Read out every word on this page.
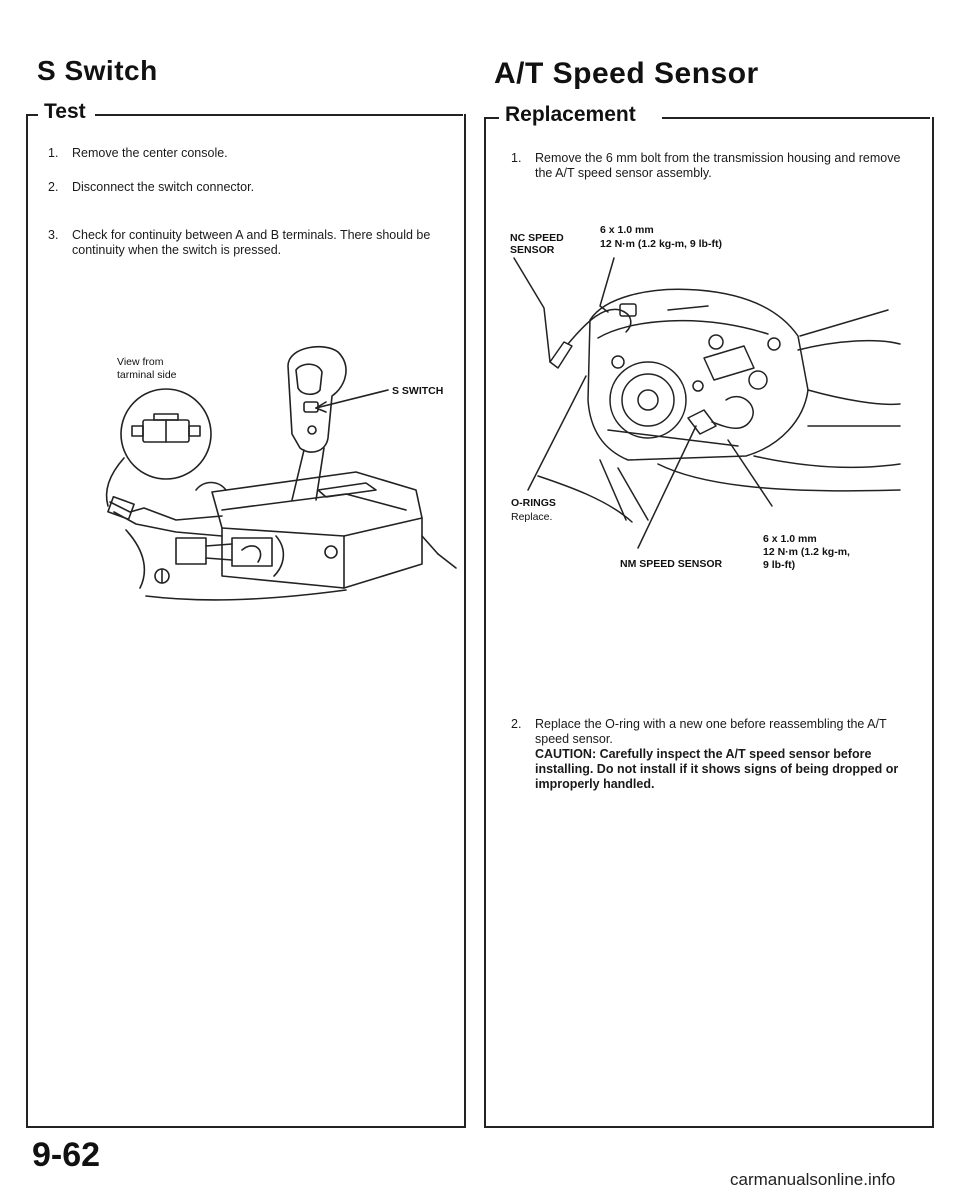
S Switch
Test
1. Remove the center console.
2. Disconnect the switch connector.
3. Check for continuity between A and B terminals. There should be continuity when the switch is pressed.
View from
tarminal side
S SWITCH
A/T Speed Sensor
Replacement
1. Remove the 6 mm bolt from the transmission housing and remove the A/T speed sensor assembly.
NC SPEED
SENSOR
6 x 1.0 mm
12 N·m (1.2 kg-m, 9 lb-ft)
O-RINGS
Replace.
NM SPEED SENSOR
6 x 1.0 mm
12 N·m (1.2 kg-m,
9 lb-ft)
2. Replace the O-ring with a new one before reassembling the A/T speed sensor.
CAUTION: Carefully inspect the A/T speed sensor before installing. Do not install if it shows signs of being dropped or improperly handled.
9-62
carmanualsonline.info
